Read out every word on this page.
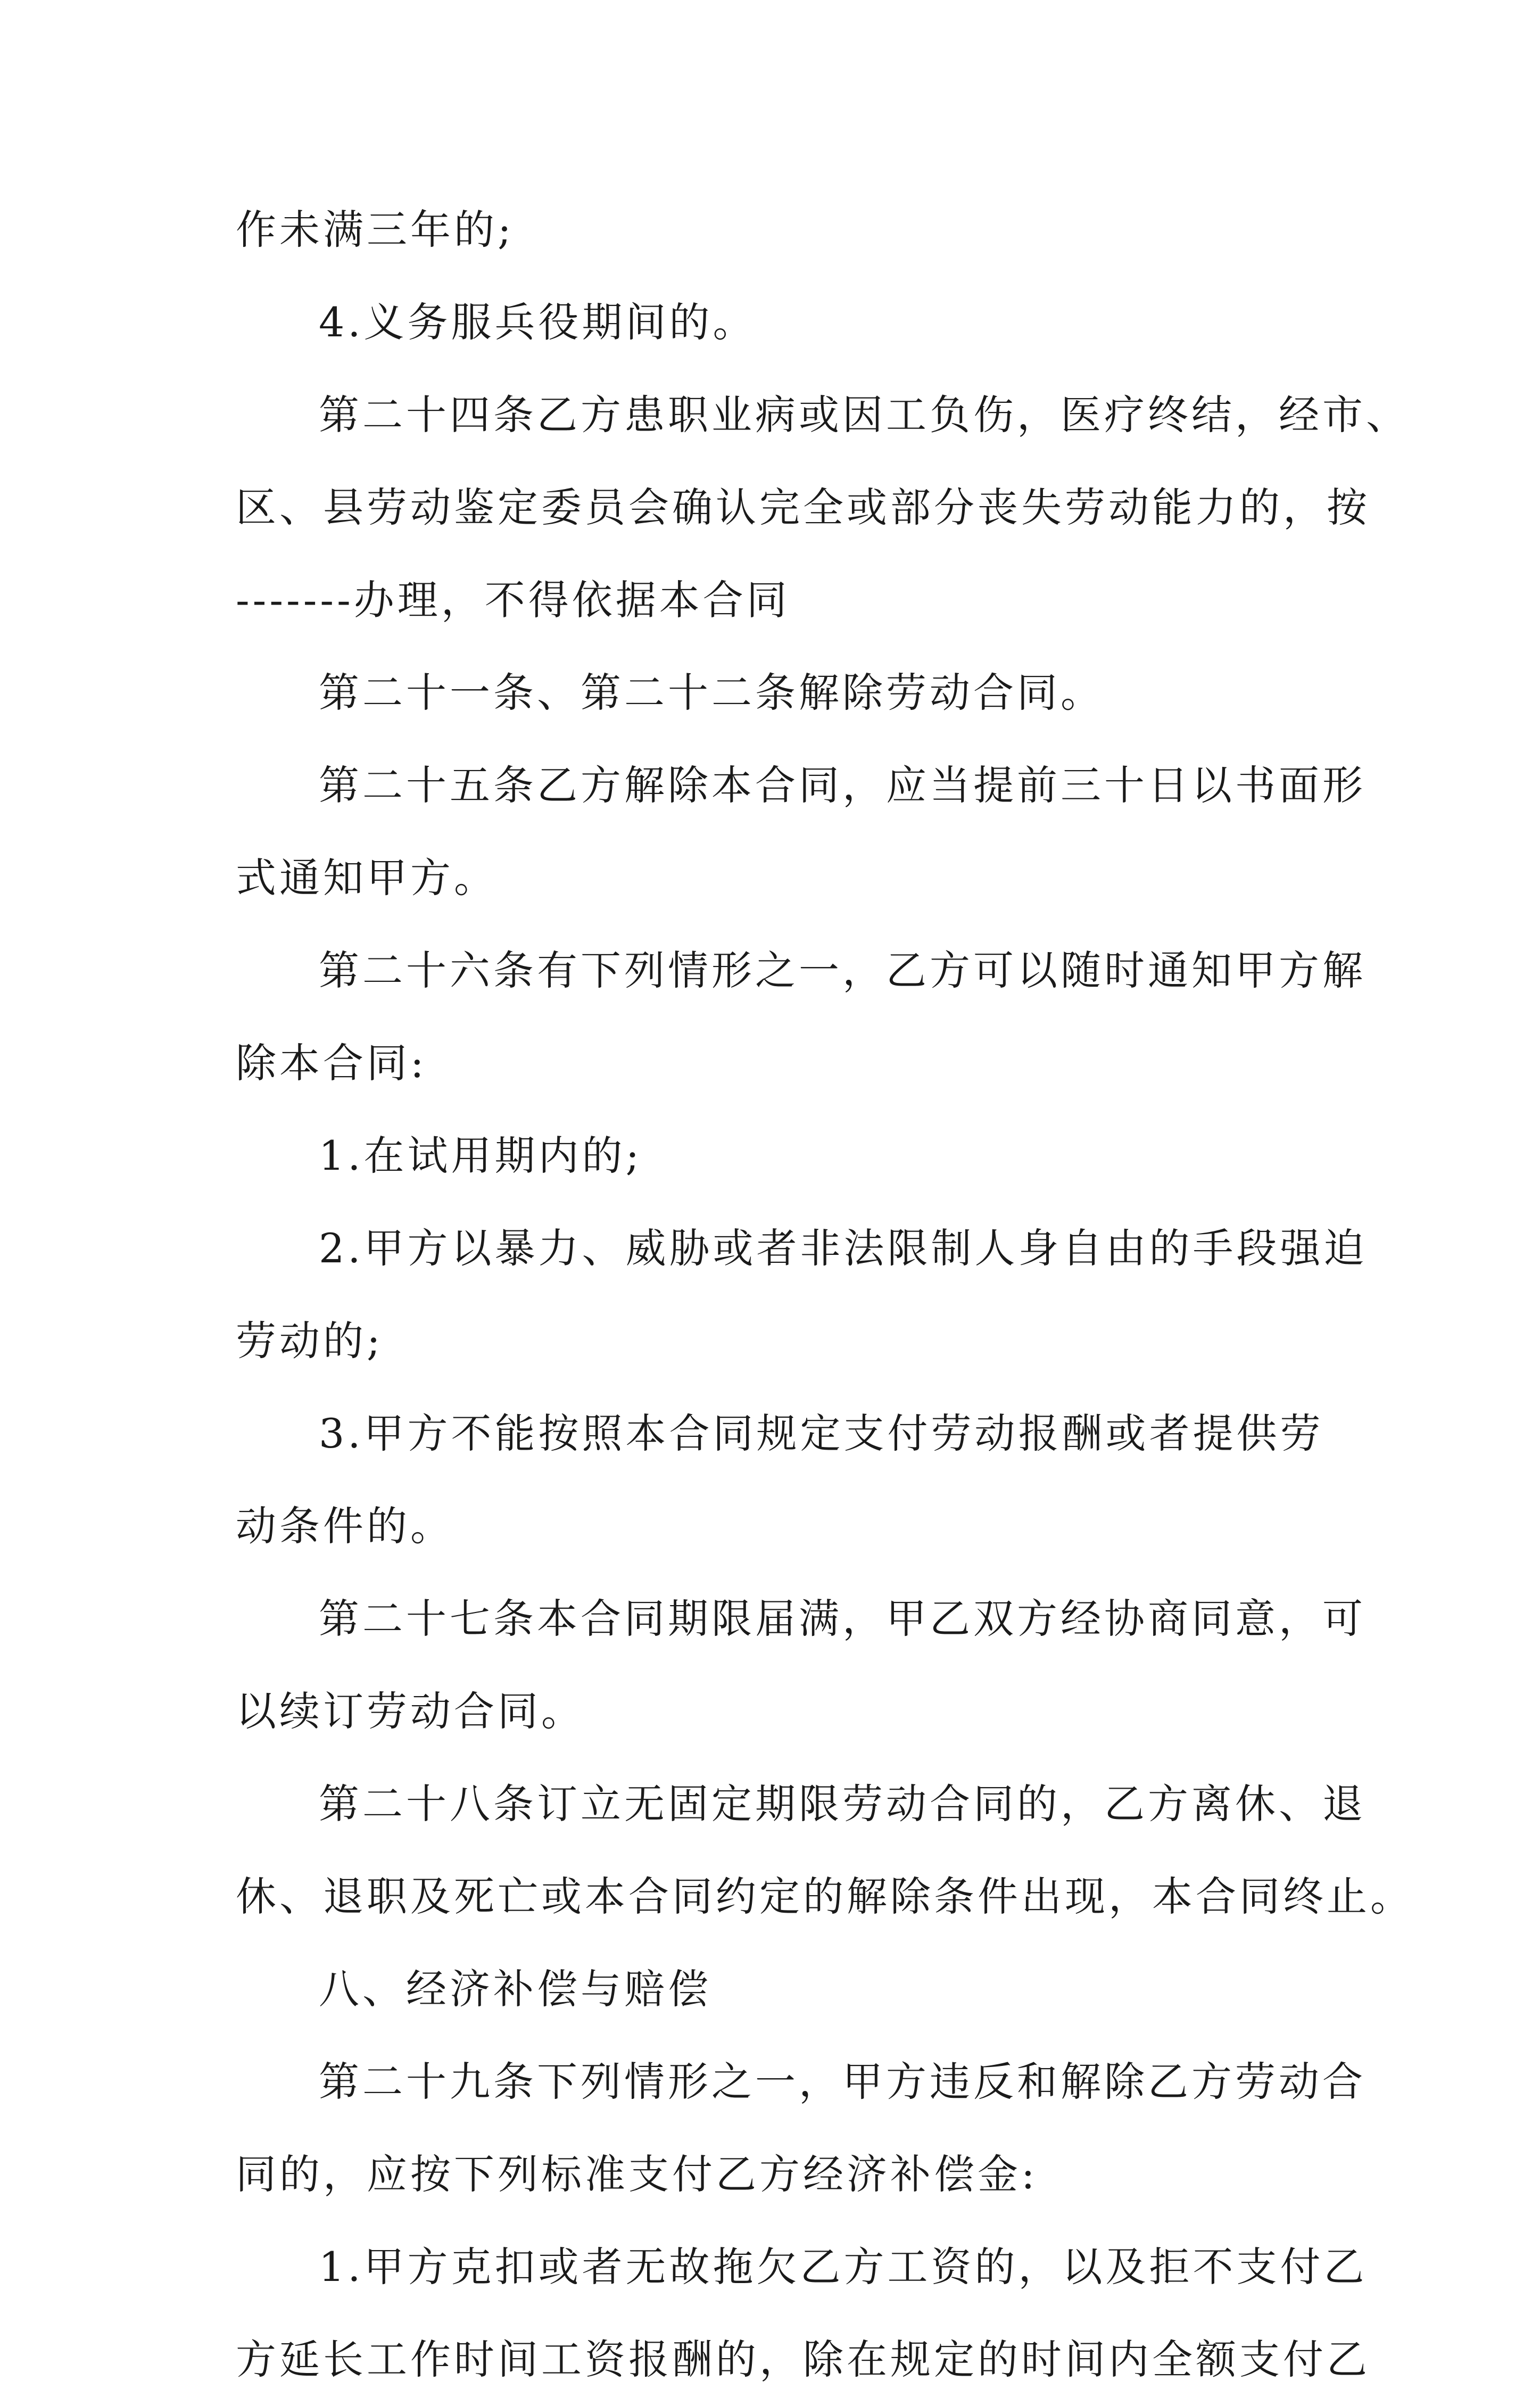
作未满三年的;
4.义务服兵役期间的。
第二十四条乙方患职业病或因工负伤，医疗终结，经市、
区、县劳动鉴定委员会确认完全或部分丧失劳动能力的，按
-------办理，不得依据本合同
第二十一条、第二十二条解除劳动合同。
第二十五条乙方解除本合同，应当提前三十日以书面形
式通知甲方。
第二十六条有下列情形之一，乙方可以随时通知甲方解
除本合同:
1.在试用期内的;
2.甲方以暴力、威胁或者非法限制人身自由的手段强迫
劳动的;
3.甲方不能按照本合同规定支付劳动报酬或者提供劳
动条件的。
第二十七条本合同期限届满，甲乙双方经协商同意，可
以续订劳动合同。
第二十八条订立无固定期限劳动合同的，乙方离休、退
休、退职及死亡或本合同约定的解除条件出现，本合同终止。
八、经济补偿与赔偿
第二十九条下列情形之一，甲方违反和解除乙方劳动合
同的，应按下列标准支付乙方经济补偿金:
1.甲方克扣或者无故拖欠乙方工资的，以及拒不支付乙
方延长工作时间工资报酬的，除在规定的时间内全额支付乙
